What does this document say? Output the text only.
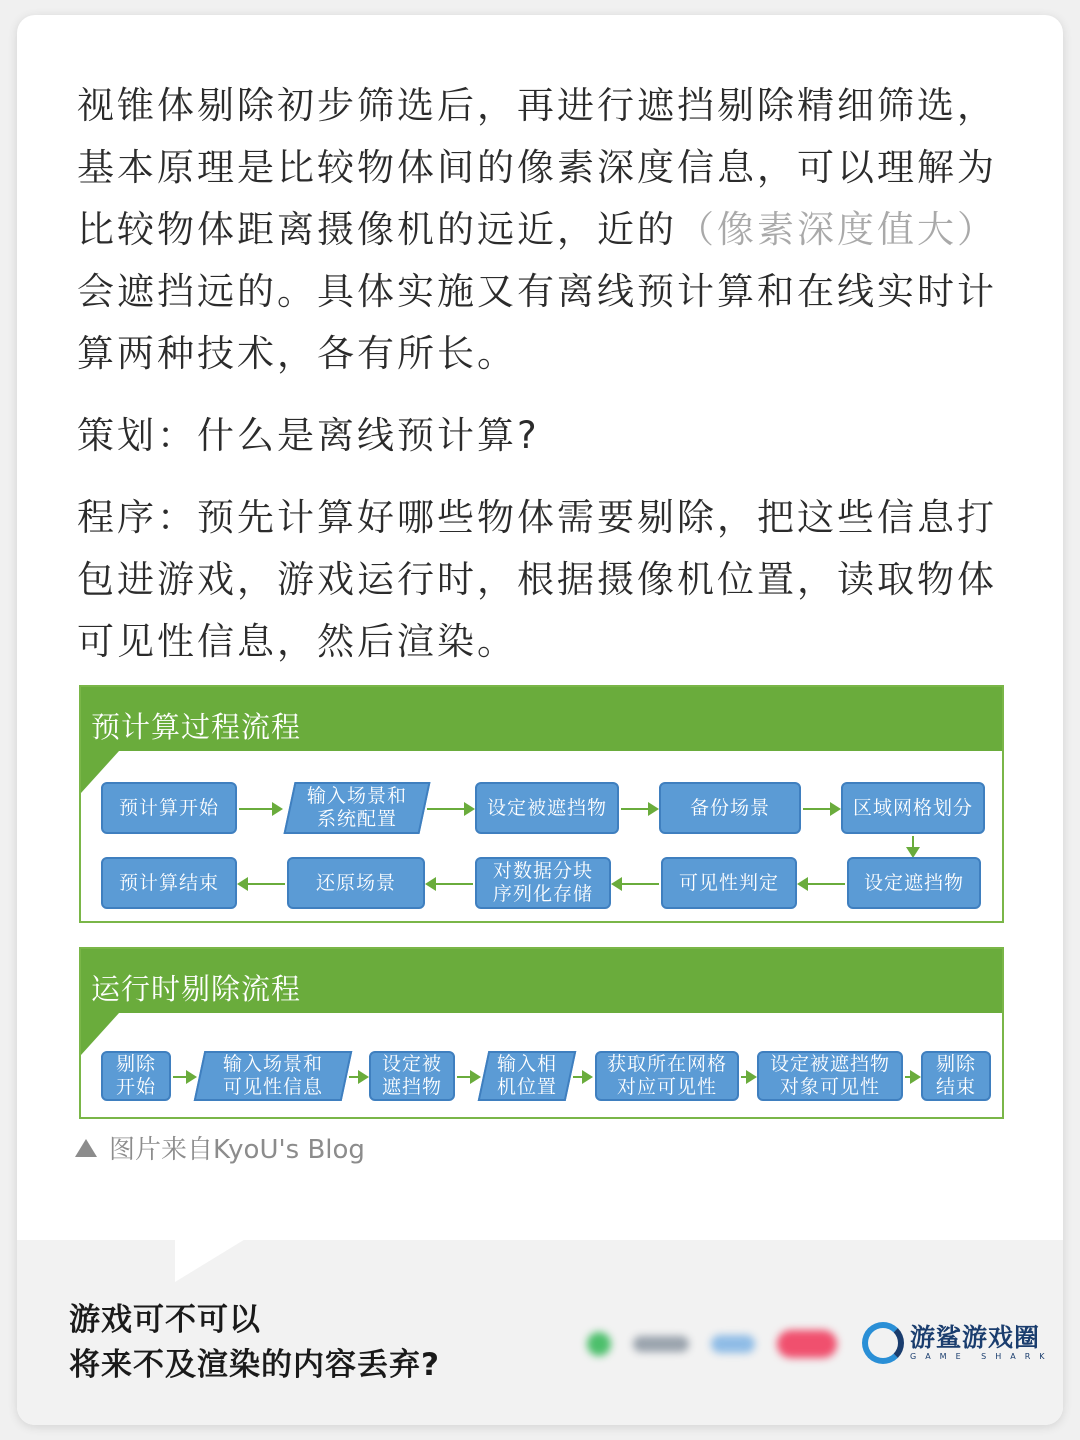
视锥体剔除初步筛选后，再进行遮挡剔除精细筛选，基本原理是比较物体间的像素深度信息，可以理解为比较物体距离摄像机的远近，近的（像素深度值大）会遮挡远的。具体实施又有离线预计算和在线实时计算两种技术，各有所长。

策划：什么是离线预计算?

程序：预先计算好哪些物体需要剔除，把这些信息打包进游戏，游戏运行时，根据摄像机位置，读取物体可见性信息，然后渲染。

预计算过程流程
预计算开始
输入场景和
系统配置
设定被遮挡物	备份场景	区域网格划分
预计算结束	还原场景
对数据分块
序列化存储
可见性判定	设定遮挡物
运行时剔除流程
剔除
开始
输入场景和
可见性信息
设定被
遮挡物
输入相
机位置
获取所在网格
对应可见性
设定被遮挡物
对象可见性
剔除
结束
图片来自KyoU's Blog
游戏可不可以
将来不及渲染的内容丢弃?
游鲨游戏圈
GAME SHARK
